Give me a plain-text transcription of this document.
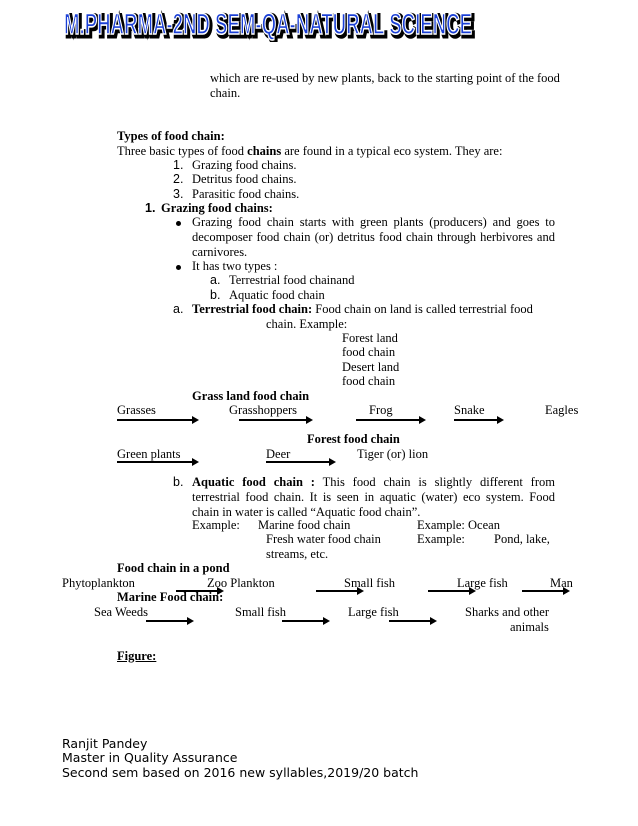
M.PHARMA-2ND SEM-QA-NATURAL SCIENCE
M.PHARMA-2ND SEM-QA-NATURAL SCIENCE
which are re-used by new plants, back to the starting point of the food
chain.
Types of food chain:
Three basic types of food chains are found in a typical eco system. They are:
1. Grazing food chains.
2. Detritus food chains.
3. Parasitic food chains.
1. Grazing food chains:
Grazing food chain starts with green plants (producers) and goes to decomposer food chain (or) detritus food chain through herbivores and carnivores.
It has two types :
a. Terrestrial food chainand
b. Aquatic food chain
a. Terrestrial food chain: Food chain on land is called terrestrial food
chain. Example:
Forest land
food chain
Desert land
food chain
Grass land food chain
Grasses	Grasshoppers	Frog	Snake	Eagles
Forest food chain
Green plants	Deer	Tiger (or) lion
b. Aquatic food chain : This food chain is slightly different from terrestrial food chain. It is seen in aquatic (water) eco system. Food chain in water is called “Aquatic food chain”.
Example: Marine food chain
Fresh water food chain
streams, etc.
Example: Ocean
Example: Pond, lake,
Food chain in a pond
Phytoplankton	Zoo Plankton	Small fish	Large fish	Man
Marine Food chain:
Sea Weeds	Small fish	Large fish	Sharks and other
animals
Figure:
Ranjit Pandey
Master in Quality Assurance
Second sem based on 2016 new syllables,2019/20 batch
